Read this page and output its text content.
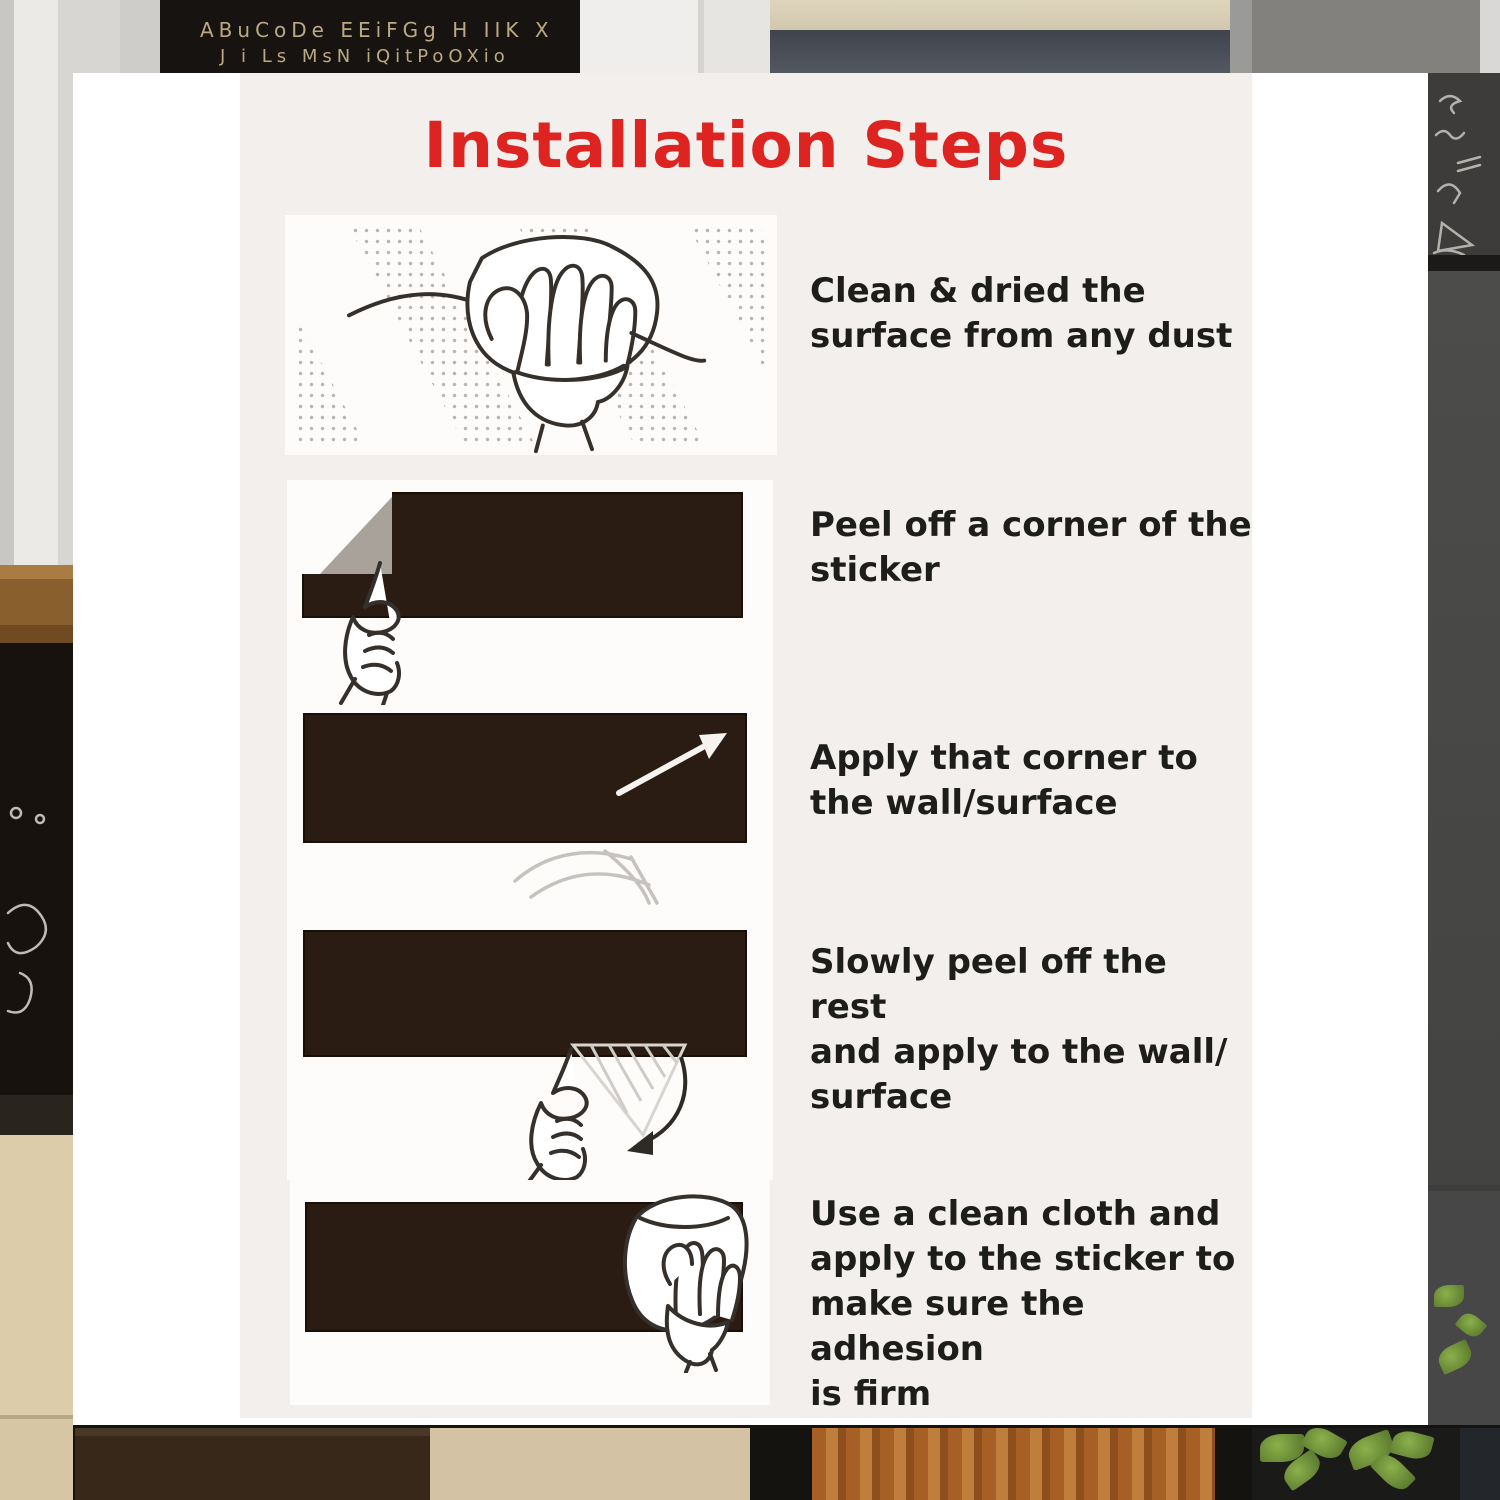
ABuCoDe EEiFGg H IIK X
J i Ls MsN iQitPoOXio
Installation Steps
Clean & dried the
surface from any dust
Peel off a corner of the
sticker
Apply that corner to
the wall/surface
Slowly peel off the rest
and apply to the wall/
surface
Use a clean cloth and
apply to the sticker to
make sure the adhesion
is firm
